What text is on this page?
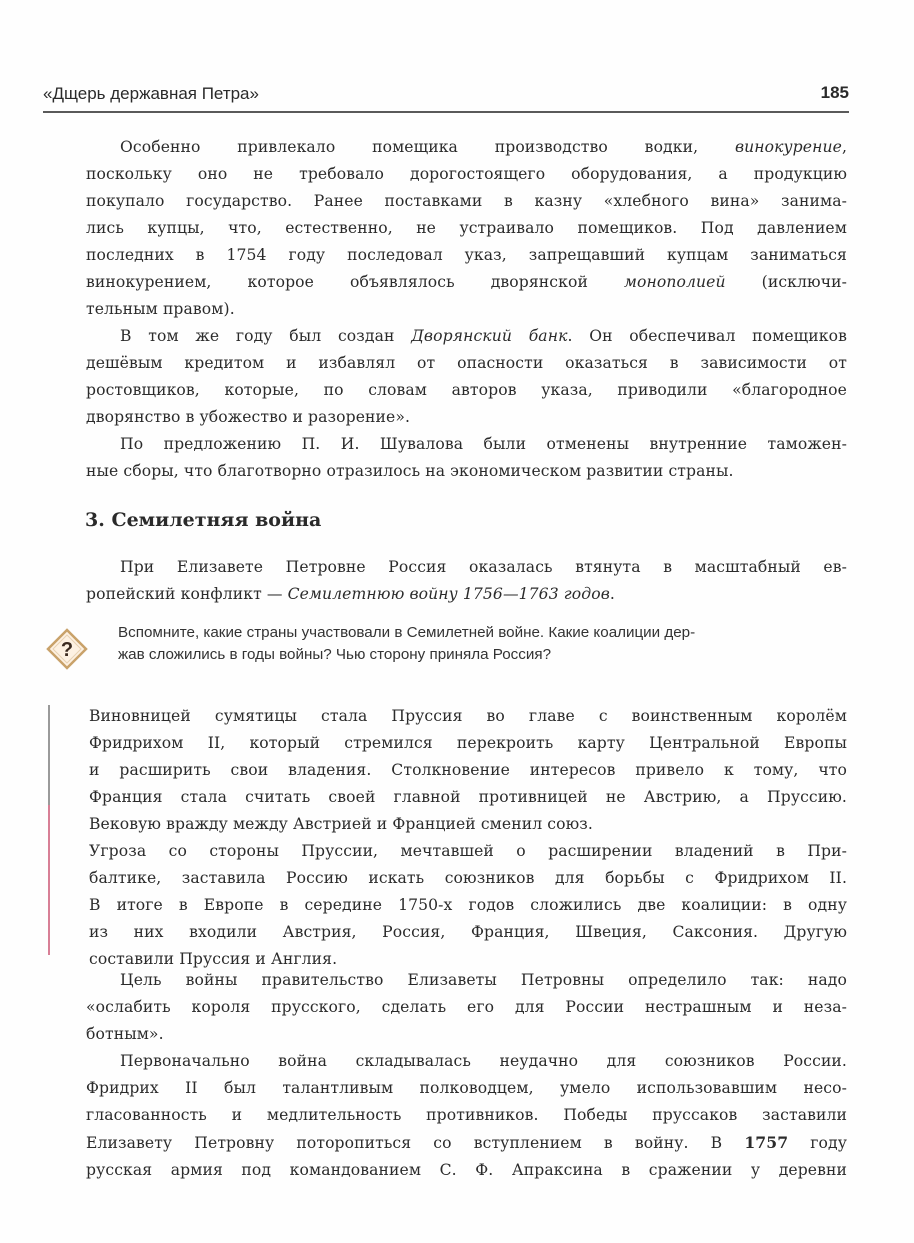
«Дщерь державная Петра»	185
Особенно привлекало помещика производство водки, винокурение,
поскольку оно не требовало дорогостоящего оборудования, а продукцию
покупало государство. Ранее поставками в казну «хлебного вина» занима-
лись купцы, что, естественно, не устраивало помещиков. Под давлением
последних в 1754 году последовал указ, запрещавший купцам заниматься
винокурением, которое объявлялось дворянской монополией (исключи-
тельным правом).
В том же году был создан Дворянский банк. Он обеспечивал помещиков
дешёвым кредитом и избавлял от опасности оказаться в зависимости от
ростовщиков, которые, по словам авторов указа, приводили «благородное
дворянство в убожество и разорение».
По предложению П. И. Шувалова были отменены внутренние таможен-
ные сборы, что благотворно отразилось на экономическом развитии страны.
3. Семилетняя война
При Елизавете Петровне Россия оказалась втянута в масштабный ев-
ропейский конфликт — Семилетнюю войну 1756—1763 годов.
?
Вспомните, какие страны участвовали в Семилетней войне. Какие коалиции дер-
жав сложились в годы войны? Чью сторону приняла Россия?
Виновницей сумятицы стала Пруссия во главе с воинственным королём
Фридрихом II, который стремился перекроить карту Центральной Европы
и расширить свои владения. Столкновение интересов привело к тому, что
Франция стала считать своей главной противницей не Австрию, а Пруссию.
Вековую вражду между Австрией и Францией сменил союз.
Угроза со стороны Пруссии, мечтавшей о расширении владений в При-
балтике, заставила Россию искать союзников для борьбы с Фридрихом II.
В итоге в Европе в середине 1750-х годов сложились две коалиции: в одну
из них входили Австрия, Россия, Франция, Швеция, Саксония. Другую
составили Пруссия и Англия.
Цель войны правительство Елизаветы Петровны определило так: надо
«ослабить короля прусского, сделать его для России нестрашным и неза-
ботным».
Первоначально война складывалась неудачно для союзников России.
Фридрих II был талантливым полководцем, умело использовавшим несо-
гласованность и медлительность противников. Победы пруссаков заставили
Елизавету Петровну поторопиться со вступлением в войну. В 1757 году
русская армия под командованием С. Ф. Апраксина в сражении у деревни
